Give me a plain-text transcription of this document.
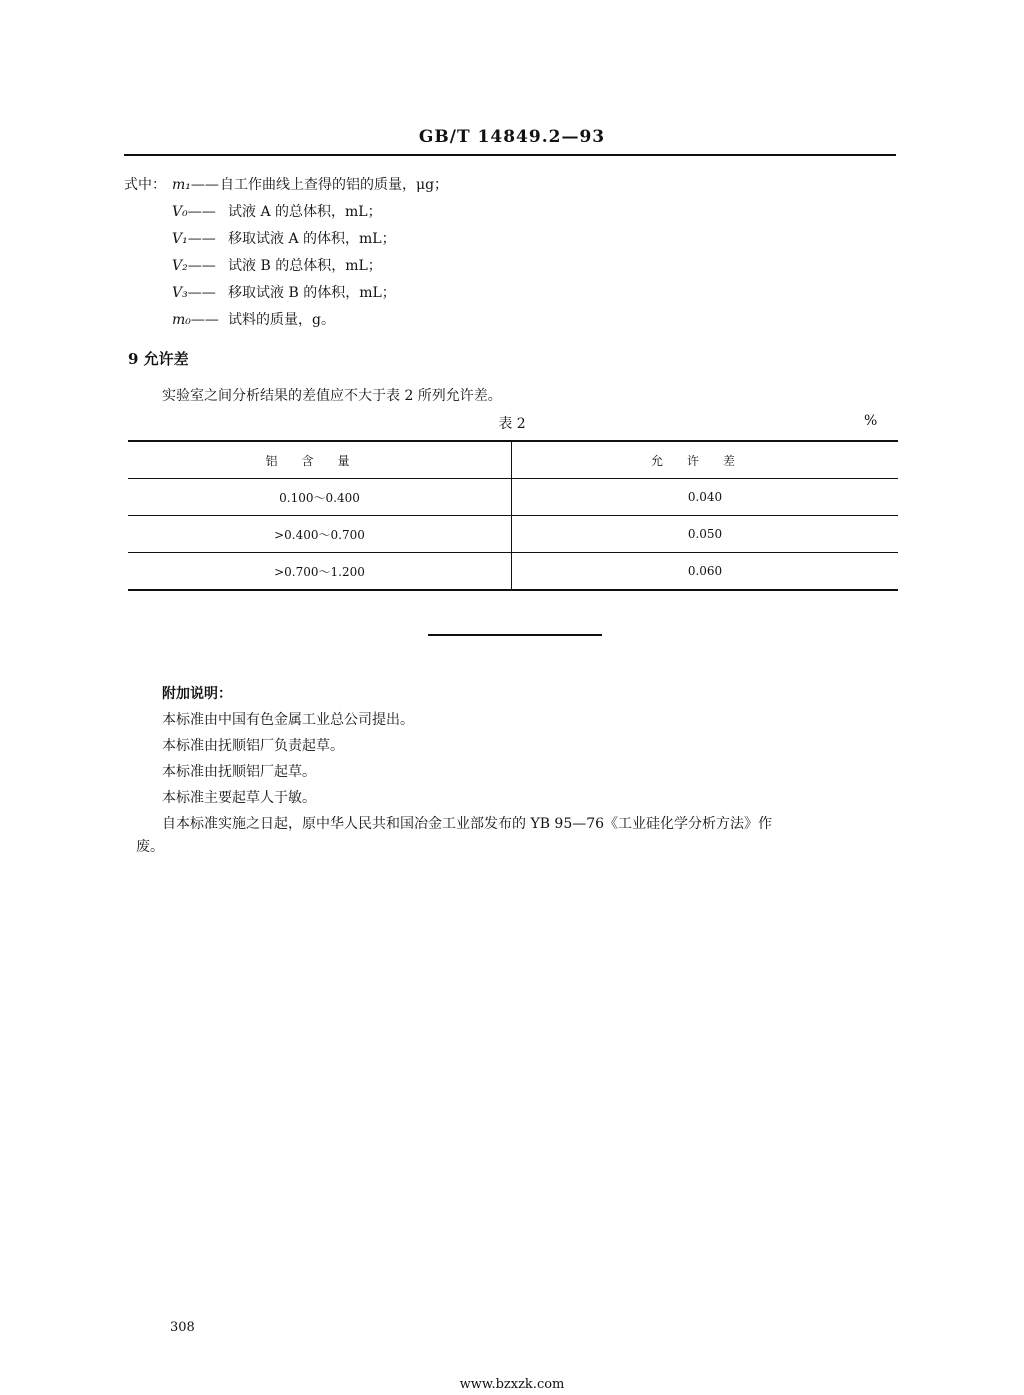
GB/T 14849.2—93
式中： m₁——自工作曲线上查得的铝的质量，μg；
V₀—— 试液 A 的总体积，mL；
V₁—— 移取试液 A 的体积，mL；
V₂—— 试液 B 的总体积，mL；
V₃—— 移取试液 B 的体积，mL；
m₀—— 试料的质量，g。
9 允许差
实验室之间分析结果的差值应不大于表 2 所列允许差。
表 2	%
铝含量	允许差
0.100～0.400	0.040
>0.400～0.700	0.050
>0.700～1.200	0.060
附加说明：
本标准由中国有色金属工业总公司提出。
本标准由抚顺铝厂负责起草。
本标准由抚顺铝厂起草。
本标准主要起草人于敏。
自本标准实施之日起，原中华人民共和国冶金工业部发布的 YB 95—76《工业硅化学分析方法》作
废。
308
www.bzxzk.com
